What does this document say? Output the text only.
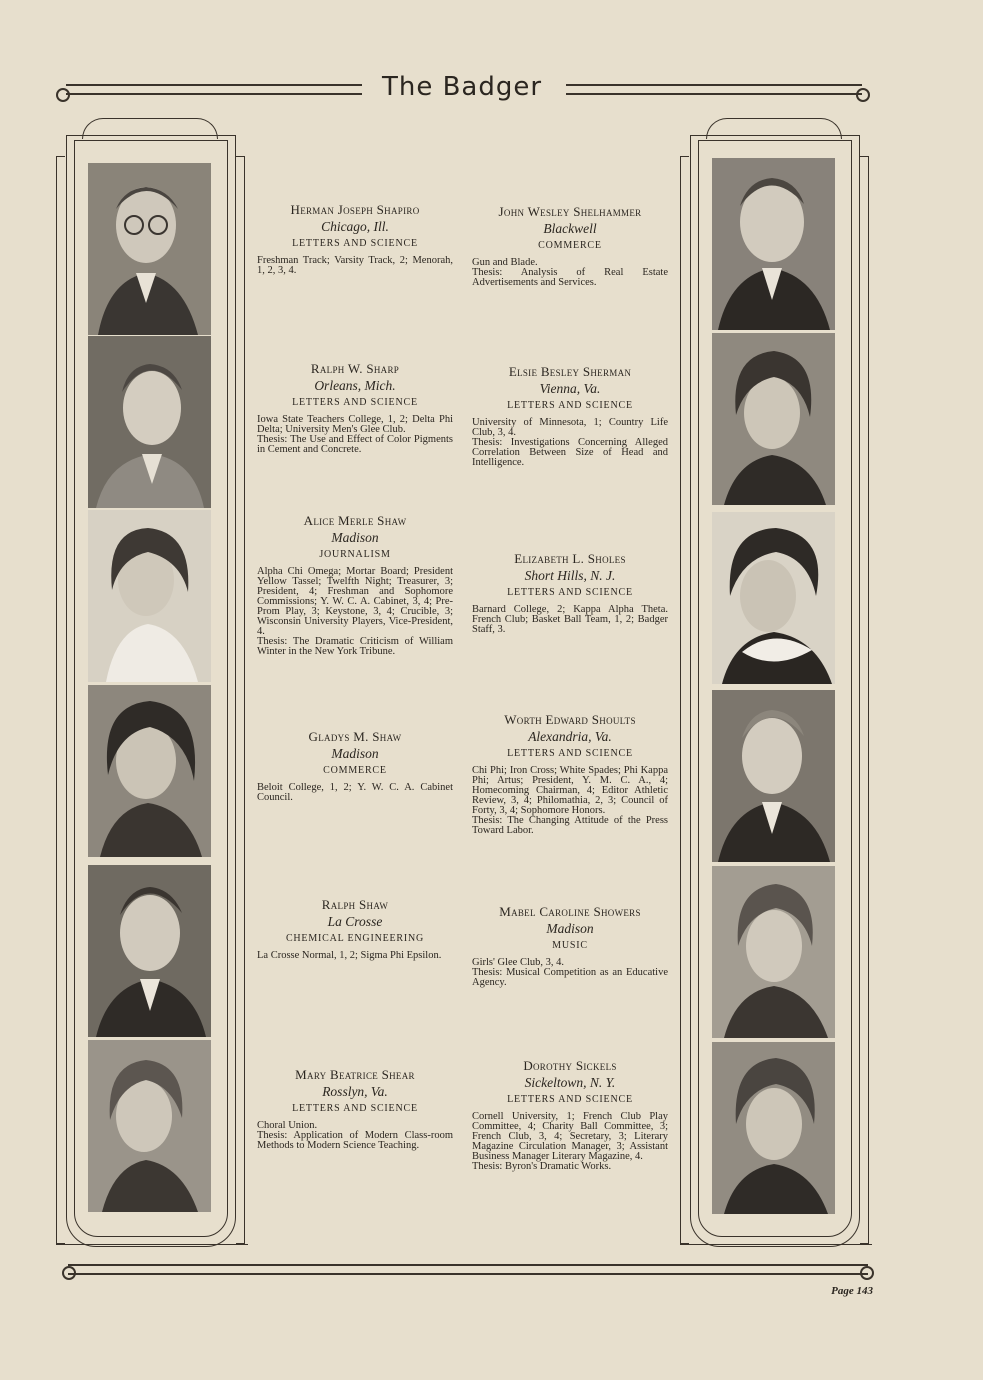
The Badger
Herman Joseph Shapiro
Chicago, Ill.
LETTERS AND SCIENCE
Freshman Track; Varsity Track, 2; Menorah, 1, 2, 3, 4.
Ralph W. Sharp
Orleans, Mich.
LETTERS AND SCIENCE
Iowa State Teachers College, 1, 2; Delta Phi Delta; University Men's Glee Club.
Thesis: The Use and Effect of Color Pigments in Cement and Concrete.
Alice Merle Shaw
Madison
JOURNALISM
Alpha Chi Omega; Mortar Board; President Yellow Tassel; Twelfth Night; Treasurer, 3; President, 4; Freshman and Sophomore Commissions; Y. W. C. A. Cabinet, 3, 4; Pre-Prom Play, 3; Keystone, 3, 4; Crucible, 3; Wisconsin University Players, Vice-President, 4.
Thesis: The Dramatic Criticism of William Winter in the New York Tribune.
Gladys M. Shaw
Madison
COMMERCE
Beloit College, 1, 2; Y. W. C. A. Cabinet Council.
Ralph Shaw
La Crosse
CHEMICAL ENGINEERING
La Crosse Normal, 1, 2; Sigma Phi Epsilon.
Mary Beatrice Shear
Rosslyn, Va.
LETTERS AND SCIENCE
Choral Union.
Thesis: Application of Modern Class-room Methods to Modern Science Teaching.
John Wesley Shelhammer
Blackwell
COMMERCE
Gun and Blade.
Thesis: Analysis of Real Estate Advertisements and Services.
Elsie Besley Sherman
Vienna, Va.
LETTERS AND SCIENCE
University of Minnesota, 1; Country Life Club, 3, 4.
Thesis: Investigations Concerning Alleged Correlation Between Size of Head and Intelligence.
Elizabeth L. Sholes
Short Hills, N. J.
LETTERS AND SCIENCE
Barnard College, 2; Kappa Alpha Theta. French Club; Basket Ball Team, 1, 2; Badger Staff, 3.
Worth Edward Shoults
Alexandria, Va.
LETTERS AND SCIENCE
Chi Phi; Iron Cross; White Spades; Phi Kappa Phi; Artus; President, Y. M. C. A., 4; Homecoming Chairman, 4; Editor Athletic Review, 3, 4; Philomathia, 2, 3; Council of Forty, 3, 4; Sophomore Honors.
Thesis: The Changing Attitude of the Press Toward Labor.
Mabel Caroline Showers
Madison
MUSIC
Girls' Glee Club, 3, 4.
Thesis: Musical Competition as an Educative Agency.
Dorothy Sickels
Sickeltown, N. Y.
LETTERS AND SCIENCE
Cornell University, 1; French Club Play Committee, 4; Charity Ball Committee, 3; French Club, 3, 4; Secretary, 3; Literary Magazine Circulation Manager, 3; Assistant Business Manager Literary Magazine, 4.
Thesis: Byron's Dramatic Works.
Page 143
